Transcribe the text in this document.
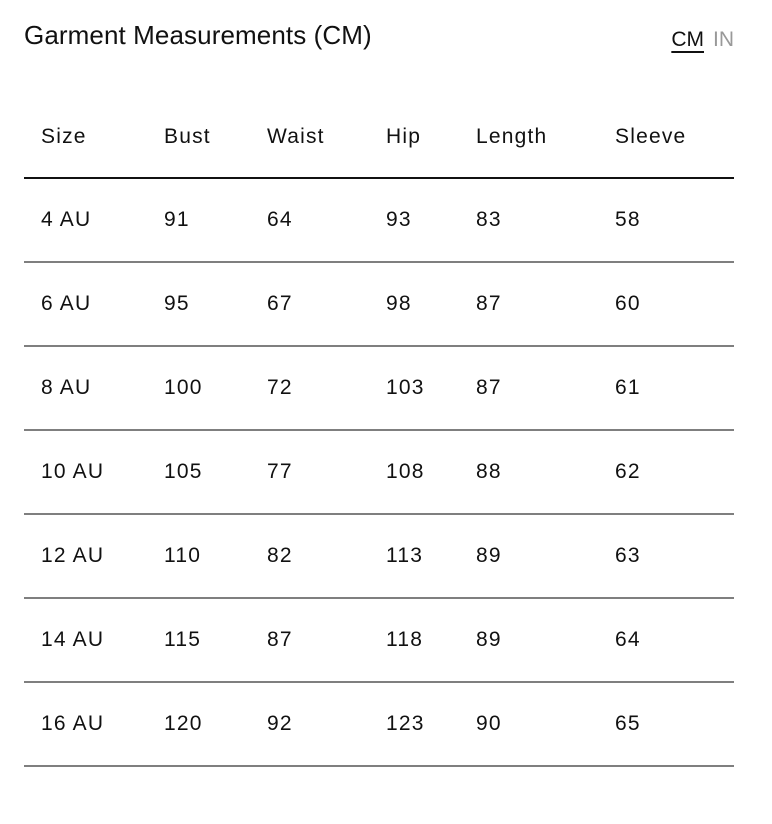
Garment Measurements (CM)	CM IN
Size	Bust	Waist	Hip	Length	Sleeve
4 AU	91	64	93	83	58
6 AU	95	67	98	87	60
8 AU	100	72	103	87	61
10 AU	105	77	108	88	62
12 AU	110	82	113	89	63
14 AU	115	87	118	89	64
16 AU	120	92	123	90	65
